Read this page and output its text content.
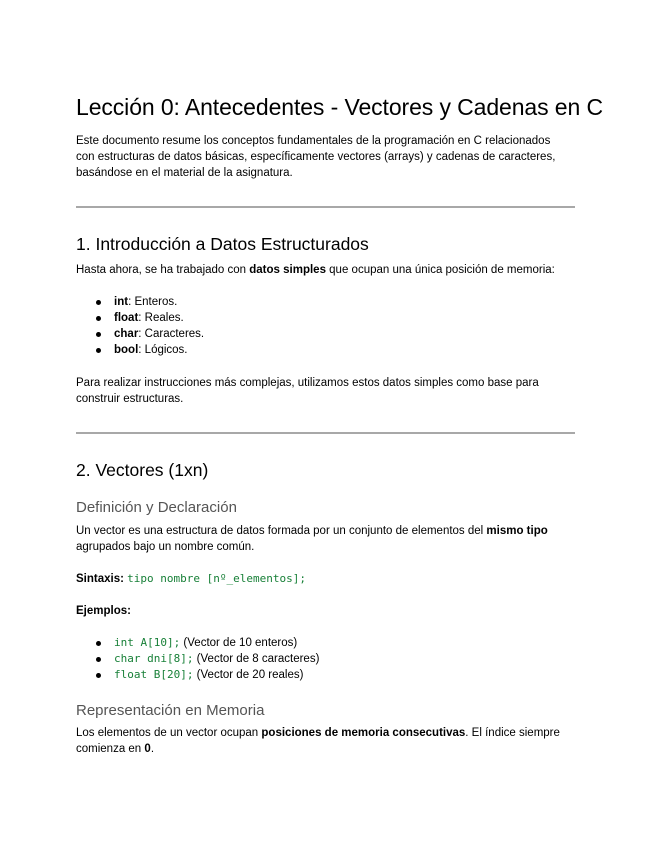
Lección 0: Antecedentes - Vectores y Cadenas en C
Este documento resume los conceptos fundamentales de la programación en C relacionados
con estructuras de datos básicas, específicamente vectores (arrays) y cadenas de caracteres,
basándose en el material de la asignatura.
1. Introducción a Datos Estructurados
Hasta ahora, se ha trabajado con datos simples que ocupan una única posición de memoria:
int: Enteros.
float: Reales.
char: Caracteres.
bool: Lógicos.
Para realizar instrucciones más complejas, utilizamos estos datos simples como base para
construir estructuras.
2. Vectores (1xn)
Definición y Declaración
Un vector es una estructura de datos formada por un conjunto de elementos del mismo tipo
agrupados bajo un nombre común.
Sintaxis: tipo nombre [nº_elementos];
Ejemplos:
int A[10]; (Vector de 10 enteros)
char dni[8]; (Vector de 8 caracteres)
float B[20]; (Vector de 20 reales)
Representación en Memoria
Los elementos de un vector ocupan posiciones de memoria consecutivas. El índice siempre
comienza en 0.
